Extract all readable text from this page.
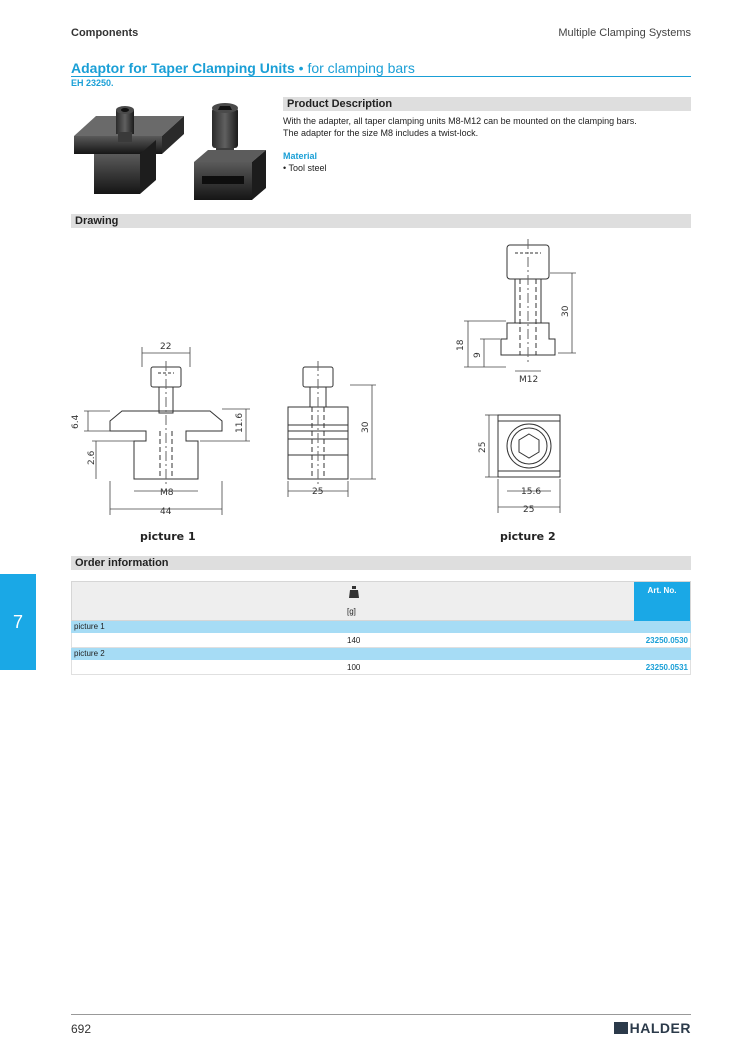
Components	Multiple Clamping Systems
Adaptor for Taper Clamping Units • for clamping bars
EH 23250.
Product Description
With the adapter, all taper clamping units M8-M12 can be mounted on the clamping bars.
The adapter for the size M8 includes a twist-lock.
Material
• Tool steel
Drawing
22
M8
44
6.4
2.6
11.6
25
30
30
18
9
M12
25
15.6
25
picture 1	picture 2
Order information
[g]
Art. No.
picture 1
140	23250.0530
picture 2
100	23250.0531
7
692	HALDER
